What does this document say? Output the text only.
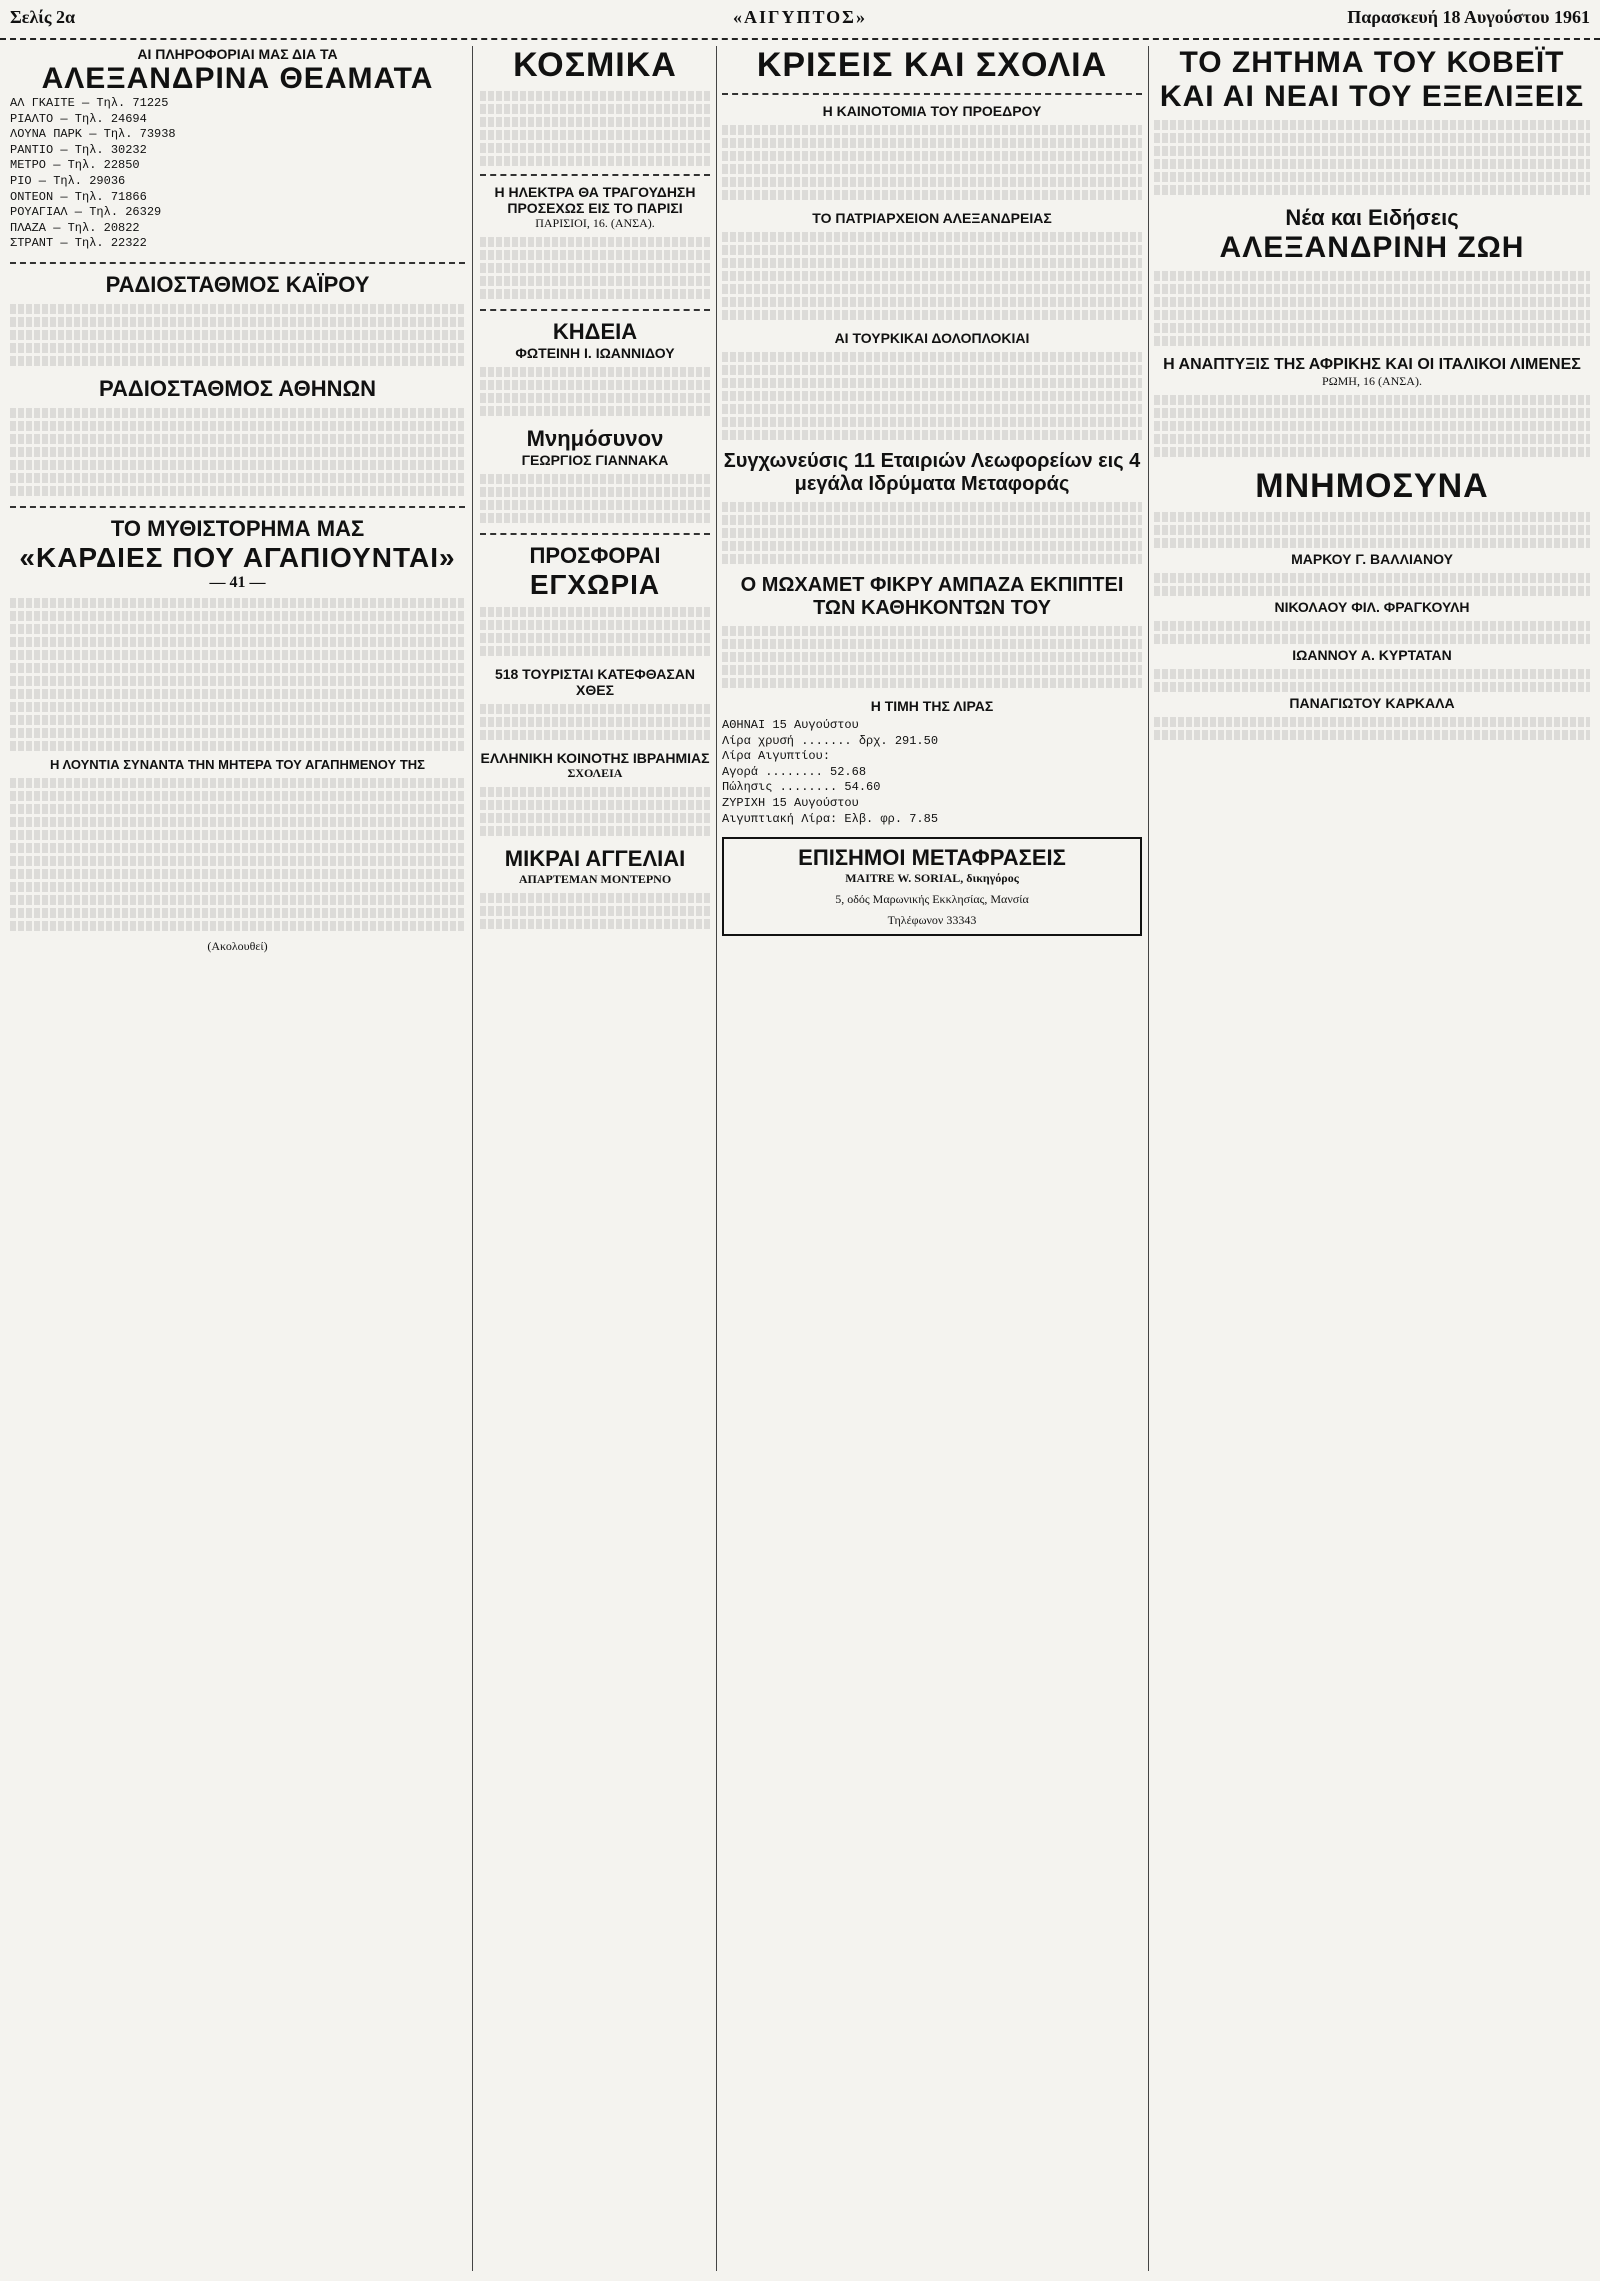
Σελίς 2α	«ΑΙΓΥΠΤΟΣ»	Παρασκευή 18 Αυγούστου 1961
ΑΙ ΠΛΗΡΟΦΟΡΙΑΙ ΜΑΣ ΔΙΑ ΤΑ
ΑΛΕΞΑΝΔΡΙΝΑ ΘΕΑΜΑΤΑ
ΑΛ ΓΚΑΙΤΕ — Τηλ. 71225
ΡΙΑΛΤΟ — Τηλ. 24694
ΛΟΥΝΑ ΠΑΡΚ — Τηλ. 73938
ΡΑΝΤΙΟ — Τηλ. 30232
ΜΕΤΡΟ — Τηλ. 22850
ΡΙΟ — Τηλ. 29036
ΟΝΤΕΟΝ — Τηλ. 71866
ΡΟΥΑΓΙΑΛ — Τηλ. 26329
ΠΛΑΖΑ — Τηλ. 20822
ΣΤΡΑΝΤ — Τηλ. 22322
ΡΑΔΙΟΣΤΑΘΜΟΣ ΚΑΪΡΟΥ
ΡΑΔΙΟΣΤΑΘΜΟΣ ΑΘΗΝΩΝ
ΤΟ ΜΥΘΙΣΤΟΡΗΜΑ ΜΑΣ
«ΚΑΡΔΙΕΣ ΠΟΥ ΑΓΑΠΙΟΥΝΤΑΙ»
— 41 —
Η ΛΟΥΝΤΙΑ ΣΥΝΑΝΤΑ ΤΗΝ ΜΗΤΕΡΑ ΤΟΥ ΑΓΑΠΗΜΕΝΟΥ ΤΗΣ
(Ακολουθεί)
ΚΟΣΜΙΚΑ
Η ΗΛΕΚΤΡΑ ΘΑ ΤΡΑΓΟΥΔΗΣΗ ΠΡΟΣΕΧΩΣ ΕΙΣ ΤΟ ΠΑΡΙΣΙ
ΠΑΡΙΣΙΟΙ, 16. (ΑΝΣΑ).
ΚΗΔΕΙΑ
ΦΩΤΕΙΝΗ Ι. ΙΩΑΝΝΙΔΟΥ
Μνημόσυνον
ΓΕΩΡΓΙΟΣ ΓΙΑΝΝΑΚΑ
ΠΡΟΣΦΟΡΑΙ
ΕΓΧΩΡΙΑ
518 ΤΟΥΡΙΣΤΑΙ ΚΑΤΕΦΘΑΣΑΝ ΧΘΕΣ
ΕΛΛΗΝΙΚΗ ΚΟΙΝΟΤΗΣ ΙΒΡΑΗΜΙΑΣ
ΣΧΟΛΕΙΑ
ΜΙΚΡΑΙ ΑΓΓΕΛΙΑΙ
ΑΠΑΡΤΕΜΑΝ ΜΟΝΤΕΡΝΟ
ΚΡΙΣΕΙΣ ΚΑΙ ΣΧΟΛΙΑ
Η ΚΑΙΝΟΤΟΜΙΑ ΤΟΥ ΠΡΟΕΔΡΟΥ
ΤΟ ΠΑΤΡΙΑΡΧΕΙΟΝ ΑΛΕΞΑΝΔΡΕΙΑΣ
ΑΙ ΤΟΥΡΚΙΚΑΙ ΔΟΛΟΠΛΟΚΙΑΙ
Συγχωνεύσις 11 Εταιριών Λεωφορείων εις 4 μεγάλα Ιδρύματα Μεταφοράς
Ο ΜΩΧΑΜΕΤ ΦΙΚΡΥ ΑΜΠΑΖΑ ΕΚΠΙΠΤΕΙ ΤΩΝ ΚΑΘΗΚΟΝΤΩΝ ΤΟΥ
Η ΤΙΜΗ ΤΗΣ ΛΙΡΑΣ
ΑΘΗΝΑΙ 15 Αυγούστου
Λίρα χρυσή ....... δρχ. 291.50
Λίρα Αιγυπτίου:
Αγορά ........ 52.68
Πώλησις ........ 54.60
ΖΥΡΙΧΗ 15 Αυγούστου
Αιγυπτιακή Λίρα: Ελβ. φρ. 7.85
ΕΠΙΣΗΜΟΙ ΜΕΤΑΦΡΑΣΕΙΣ
MAITRE W. SORIAL, δικηγόρος
5, οδός Μαρωνικής Εκκλησίας, Μανσία
Τηλέφωνον 33343
ΤΟ ΖΗΤΗΜΑ ΤΟΥ ΚΟΒΕΪΤ ΚΑΙ ΑΙ ΝΕΑΙ ΤΟΥ ΕΞΕΛΙΞΕΙΣ
Νέα και Ειδήσεις
ΑΛΕΞΑΝΔΡΙΝΗ ΖΩΗ
Η ΑΝΑΠΤΥΞΙΣ ΤΗΣ ΑΦΡΙΚΗΣ ΚΑΙ ΟΙ ΙΤΑΛΙΚΟΙ ΛΙΜΕΝΕΣ
ΡΩΜΗ, 16 (ΑΝΣΑ).
ΜΝΗΜΟΣΥΝΑ
ΜΑΡΚΟΥ Γ. ΒΑΛΛΙΑΝΟΥ
ΝΙΚΟΛΑΟΥ ΦΙΛ. ΦΡΑΓΚΟΥΛΗ
ΙΩΑΝΝΟΥ Α. ΚΥΡΤΑΤΑΝ
ΠΑΝΑΓΙΩΤΟΥ ΚΑΡΚΑΛΑ
